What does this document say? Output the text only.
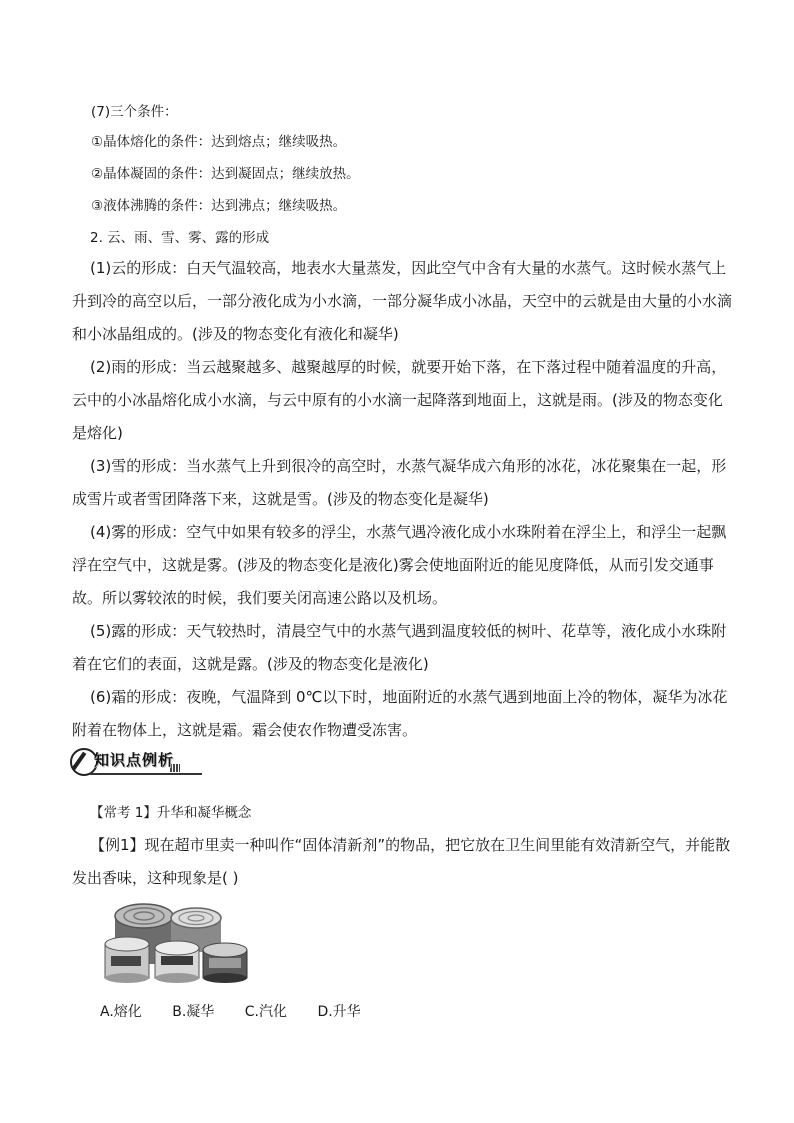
(7)三个条件：
①晶体熔化的条件：达到熔点；继续吸热。
②晶体凝固的条件：达到凝固点；继续放热。
③液体沸腾的条件：达到沸点；继续吸热。
2. 云、雨、雪、雾、露的形成

(1)云的形成：白天气温较高，地表水大量蒸发，因此空气中含有大量的水蒸气。这时候水蒸气上升到冷的高空以后，一部分液化成为小水滴，一部分凝华成小冰晶，天空中的云就是由大量的小水滴和小冰晶组成的。(涉及的物态变化有液化和凝华)

(2)雨的形成：当云越聚越多、越聚越厚的时候，就要开始下落，在下落过程中随着温度的升高，云中的小冰晶熔化成小水滴，与云中原有的小水滴一起降落到地面上，这就是雨。(涉及的物态变化是熔化)

(3)雪的形成：当水蒸气上升到很冷的高空时，水蒸气凝华成六角形的冰花，冰花聚集在一起，形成雪片或者雪团降落下来，这就是雪。(涉及的物态变化是凝华)

(4)雾的形成：空气中如果有较多的浮尘，水蒸气遇冷液化成小水珠附着在浮尘上，和浮尘一起飘浮在空气中，这就是雾。(涉及的物态变化是液化)雾会使地面附近的能见度降低，从而引发交通事故。所以雾较浓的时候，我们要关闭高速公路以及机场。

(5)露的形成：天气较热时，清晨空气中的水蒸气遇到温度较低的树叶、花草等，液化成小水珠附着在它们的表面，这就是露。(涉及的物态变化是液化)

(6)霜的形成：夜晚，气温降到 0℃以下时，地面附近的水蒸气遇到地面上冷的物体，凝华为冰花附着在物体上，这就是霜。霜会使农作物遭受冻害。

知识点例析
【常考 1】升华和凝华概念

【例1】现在超市里卖一种叫作“固体清新剂”的物品，把它放在卫生间里能有效清新空气，并能散发出香味，这种现象是( )

A.熔化 B.凝华 C.汽化 D.升华
